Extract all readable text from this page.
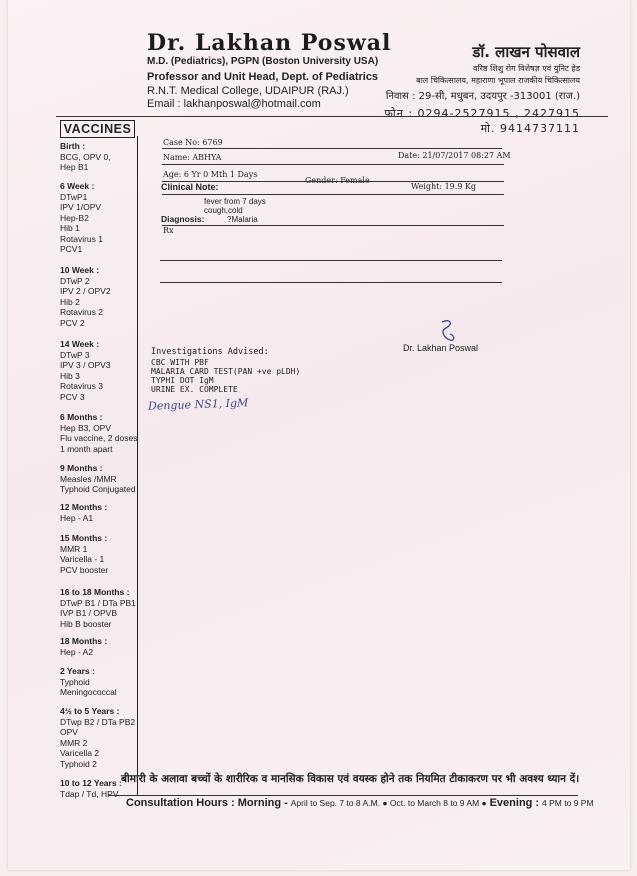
Dr. Lakhan Poswal
M.D. (Pediatrics), PGPN (Boston University USA)
Professor and Unit Head, Dept. of Pediatrics
R.N.T. Medical College, UDAIPUR (RAJ.)
Email : lakhanposwal@hotmail.com
डॉ. लाखन पोसवाल
वरिष्ठ शिशु रोग विशेषज्ञ एवं युनिट हेड
बाल चिकित्सालय, महाराणा भूपाल राजकीय चिकित्सालय
निवास : 29-सी, मधुबन, उदयपुर -313001 (राज.)
फोन : 0294-2527915 , 2427915
मो. 9414737111
VACCINES
Birth :
BCG, OPV 0,
Hep B1
6 Week :
DTwP1
IPV 1/OPV
Hep-B2
Hib 1
Rotavirus 1
PCV1
10 Week :
DTwP 2
IPV 2 / OPV2
Hib 2
Rotavirus 2
PCV 2
14 Week :
DTwP 3
IPV 3 / OPV3
Hib 3
Rotavirus 3
PCV 3
6 Months :
Hep B3, OPV
Flu vaccine, 2 doses
1 month apart
9 Months :
Measles /MMR
Typhoid Conjugated
12 Months :
Hep - A1
15 Months :
MMR 1
Varicella - 1
PCV booster
16 to 18 Months :
DTwP B1 / DTa PB1
IVP B1 / OPVB
Hib B booster
18 Months :
Hep - A2
2 Years :
Typhoid
Meningococcal
4½ to 5 Years :
DTwp B2 / DTa PB2
OPV
MMR 2
Varicella 2
Typhoid 2
10 to 12 Years :
Tdap / Td, HPV
Case No: 6769
Date: 21/07/2017 08:27 AM
Name: ABHYA
Age: 6 Yr 0 Mth 1 Days
Gender: Female
Weight: 19.9 Kg
Clinical Note:
fever from 7 days
cough,cold
Diagnosis:	?Malaria
Rx
Dr. Lakhan Poswal
Investigations Advised:
CBC WITH PBF
MALARIA CARD TEST(PAN +ve pLDH)
TYPHI DOT IgM
URINE EX. COMPLETE
Dengue NS1, IgM
बीमारी के अलावा बच्चों के शारीरिक व मानसिक विकास एवं वयस्क होने तक नियमित टीकाकरण पर भी अवश्य ध्यान दें।
Consultation Hours : Morning - April to Sep. 7 to 8 A.M. ● Oct. to March 8 to 9 AM ● Evening : 4 PM to 9 PM
